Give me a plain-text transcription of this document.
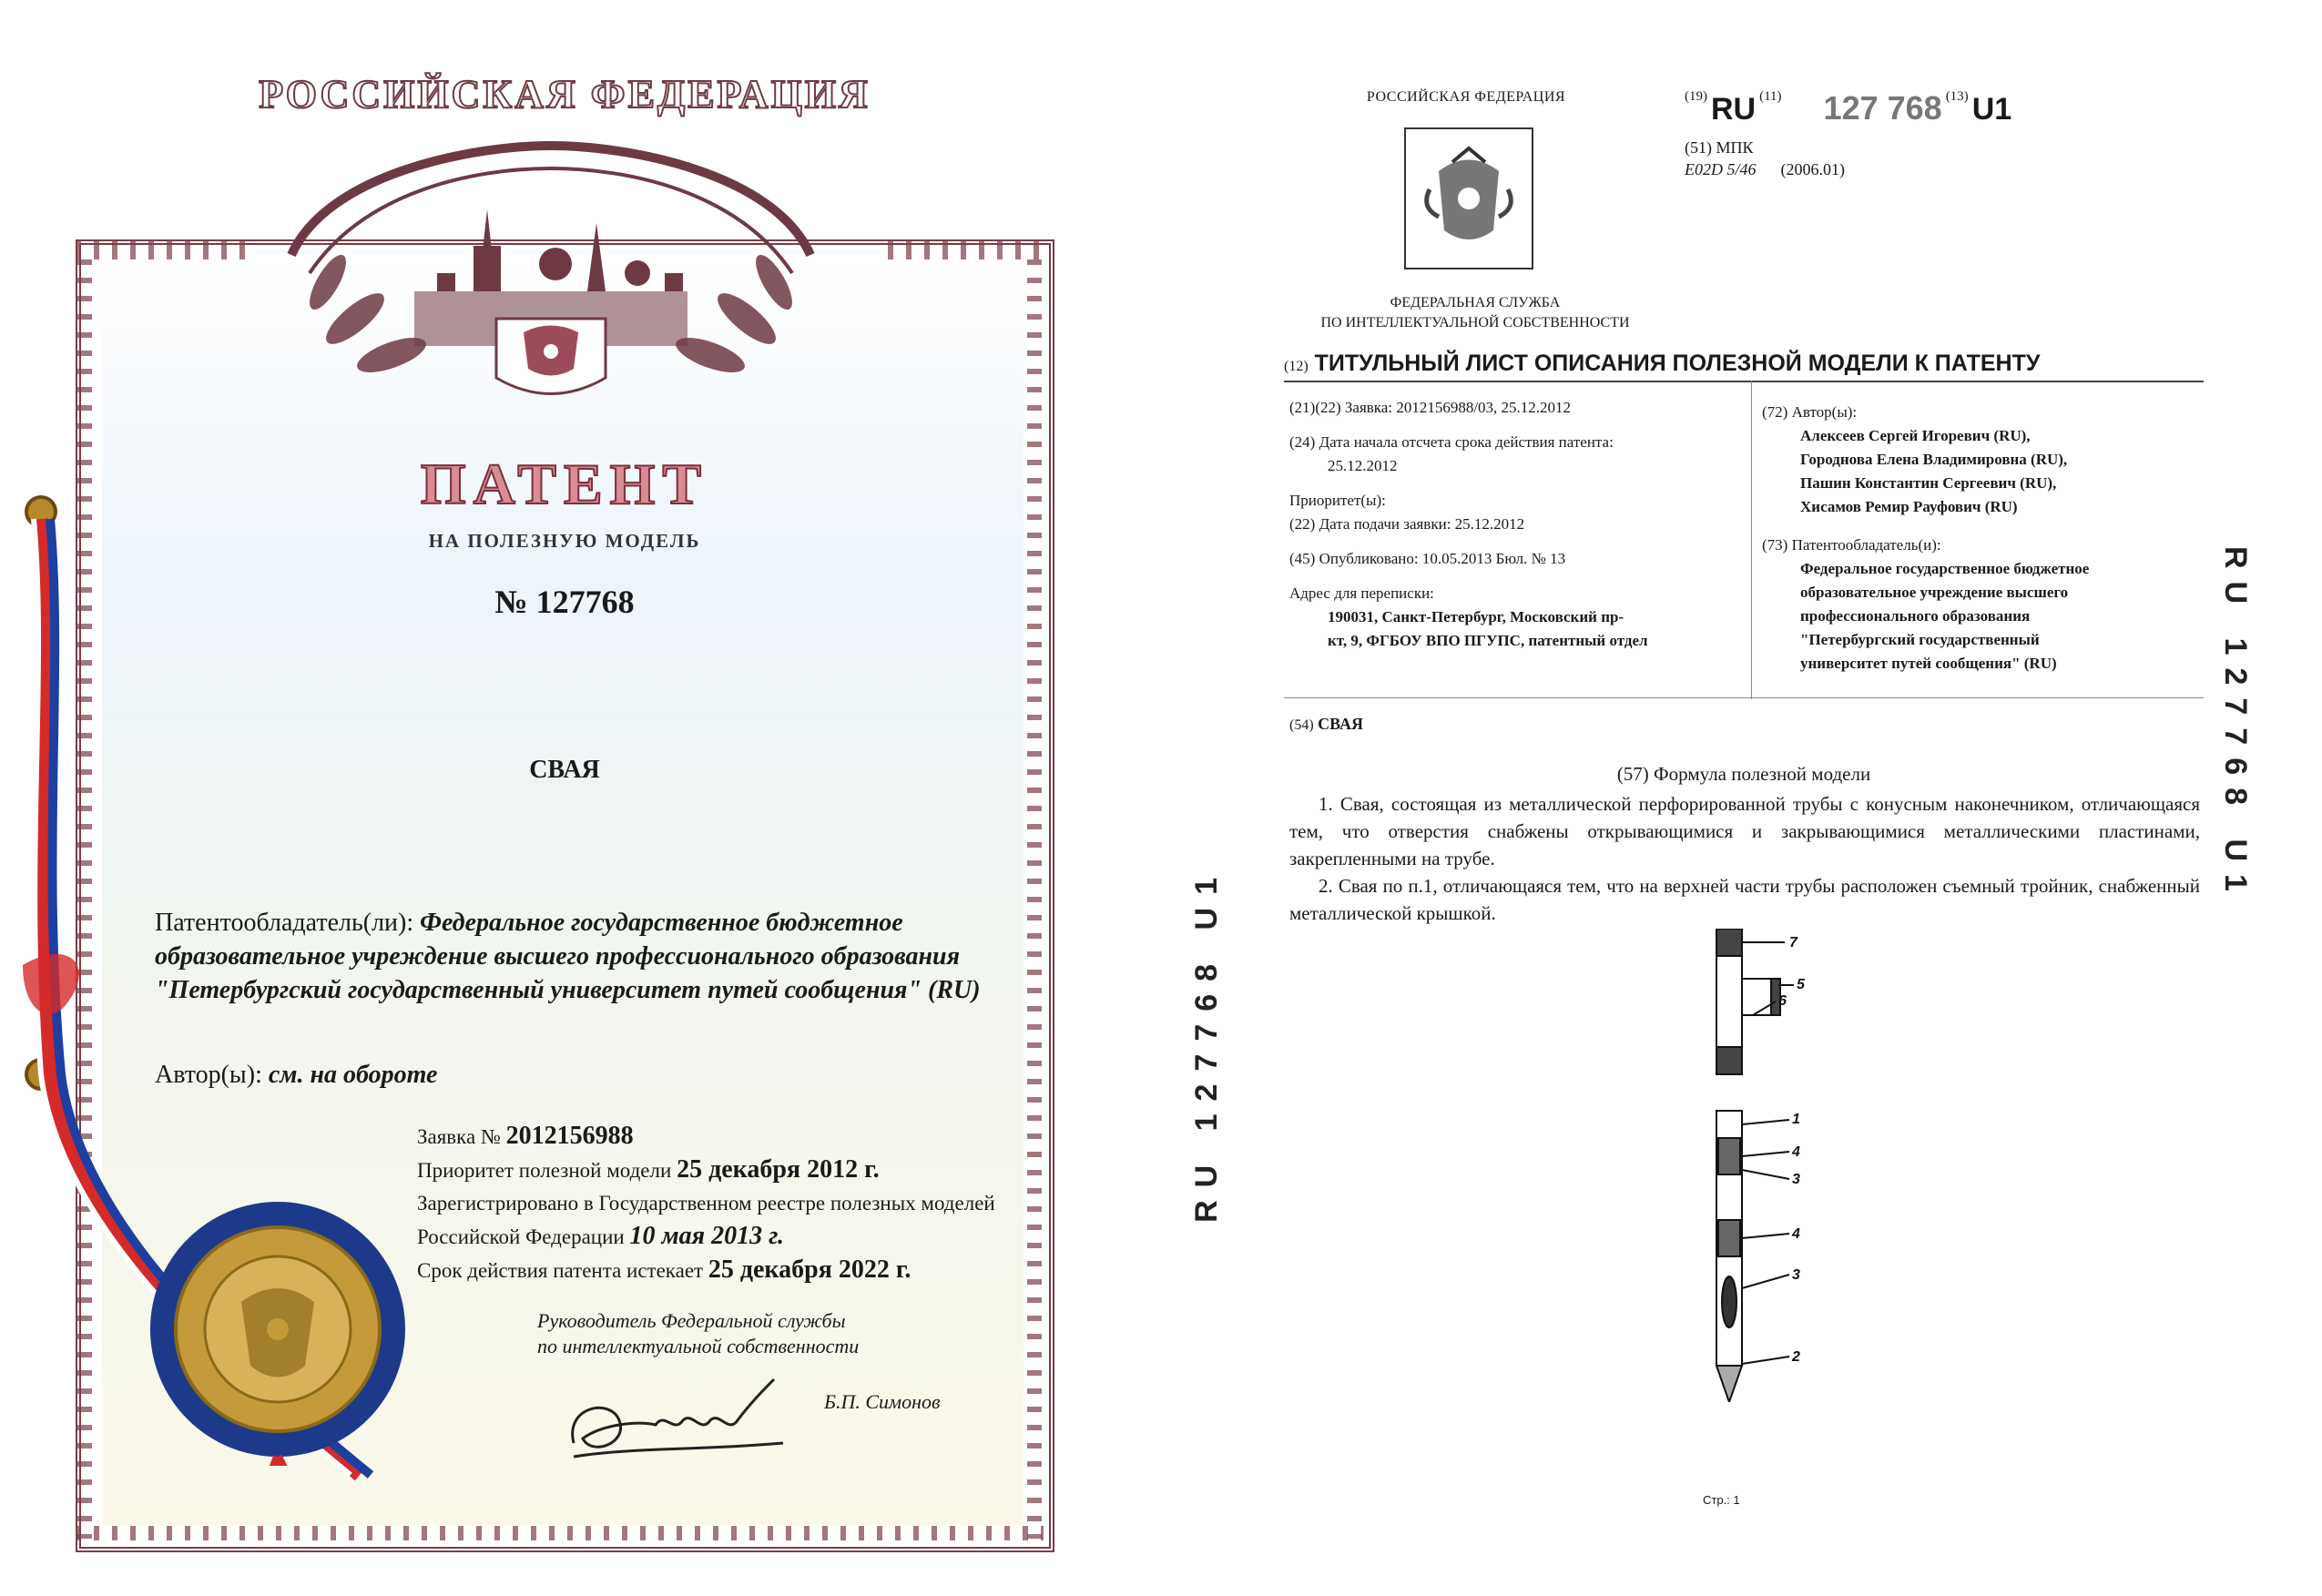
РОССИЙСКАЯ ФЕДЕРАЦИЯ
ПАТЕНТ
НА ПОЛЕЗНУЮ МОДЕЛЬ
№ 127768
СВАЯ
Патентообладатель(ли): Федеральное государственное бюджетное образовательное учреждение высшего профессионального образования "Петербургский государственный университет путей сообщения" (RU)
Автор(ы): см. на обороте
Заявка № 2012156988
Приоритет полезной модели 25 декабря 2012 г.
Зарегистрировано в Государственном реестре полезных моделей Российской Федерации 10 мая 2013 г.
Срок действия патента истекает 25 декабря 2022 г.
Руководитель Федеральной службы
по интеллектуальной собственности
Б.П. Симонов
РОССИЙСКАЯ ФЕДЕРАЦИЯ
ФЕДЕРАЛЬНАЯ СЛУЖБА
ПО ИНТЕЛЛЕКТУАЛЬНОЙ СОБСТВЕННОСТИ
(19) RU (11) 127 768 (13) U1
(51) МПК
E02D 5/46 (2006.01)
(12) ТИТУЛЬНЫЙ ЛИСТ ОПИСАНИЯ ПОЛЕЗНОЙ МОДЕЛИ К ПАТЕНТУ
(21)(22) Заявка: 2012156988/03, 25.12.2012
(24) Дата начала отсчета срока действия патента:
25.12.2012
Приоритет(ы):
(22) Дата подачи заявки: 25.12.2012
(45) Опубликовано: 10.05.2013 Бюл. № 13
Адрес для переписки:
190031, Санкт-Петербург, Московский пр-
кт, 9, ФГБОУ ВПО ПГУПС, патентный отдел
(72) Автор(ы):
Алексеев Сергей Игоревич (RU),
Городнова Елена Владимировна (RU),
Пашин Константин Сергеевич (RU),
Хисамов Ремир Рауфович (RU)
(73) Патентообладатель(и):
Федеральное государственное бюджетное
образовательное учреждение высшего
профессионального образования
"Петербургский государственный
университет путей сообщения" (RU)
(54) СВАЯ
(57) Формула полезной модели

1. Свая, состоящая из металлической перфорированной трубы с конусным наконечником, отличающаяся тем, что отверстия снабжены открывающимися и закрывающимися металлическими пластинами, закрепленными на трубе.

2. Свая по п.1, отличающаяся тем, что на верхней части трубы расположен съемный тройник, снабженный металлической крышкой.

7
5
6
1
4
3
4
3
2
Стр.: 1
RU 127768 U1
RU 127768 U1
